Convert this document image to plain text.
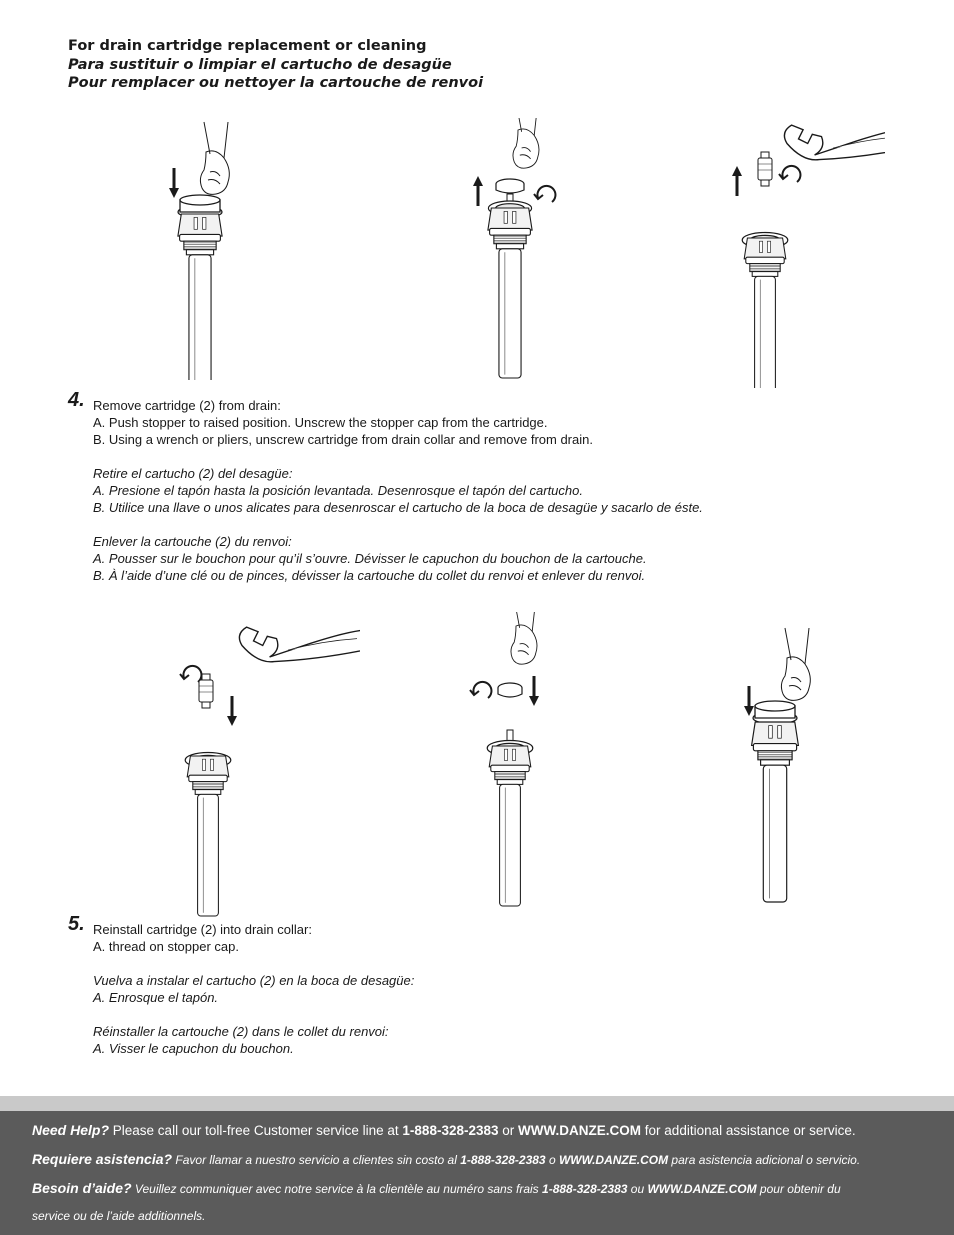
For drain cartridge replacement or cleaning
Para sustituir o limpiar el cartucho de desagüe
Pour remplacer ou nettoyer la cartouche de renvoi
4. Remove cartridge (2) from drain:
A. Push stopper to raised position. Unscrew the stopper cap from the cartridge.
B. Using a wrench or pliers, unscrew cartridge from drain collar and remove from drain.
Retire el cartucho (2) del desagüe:
A. Presione el tapón hasta la posición levantada. Desenrosque el tapón del cartucho.
B. Utilice una llave o unos alicates para desenroscar el cartucho de la boca de desagüe y sacarlo de éste.
Enlever la cartouche (2) du renvoi:
A. Pousser sur le bouchon pour qu’il s’ouvre. Dévisser le capuchon du bouchon de la cartouche.
B. À l’aide d’une clé ou de pinces, dévisser la cartouche du collet du renvoi et enlever du renvoi.
5. Reinstall cartridge (2) into drain collar:
A. thread on stopper cap.
Vuelva a instalar el cartucho (2) en la boca de desagüe:
A. Enrosque el tapón.
Réinstaller la cartouche (2) dans le collet du renvoi:
A. Visser le capuchon du bouchon.
Need Help? Please call our toll-free Customer service line at 1-888-328-2383 or WWW.DANZE.COM for additional assistance or service.
Requiere asistencia? Favor llamar a nuestro servicio a clientes sin costo al 1-888-328-2383 o WWW.DANZE.COM para asistencia adicional o servicio.
Besoin d’aide? Veuillez communiquer avec notre service à la clientèle au numéro sans frais 1-888-328-2383 ou WWW.DANZE.COM pour obtenir du
service ou de l’aide additionnels.
